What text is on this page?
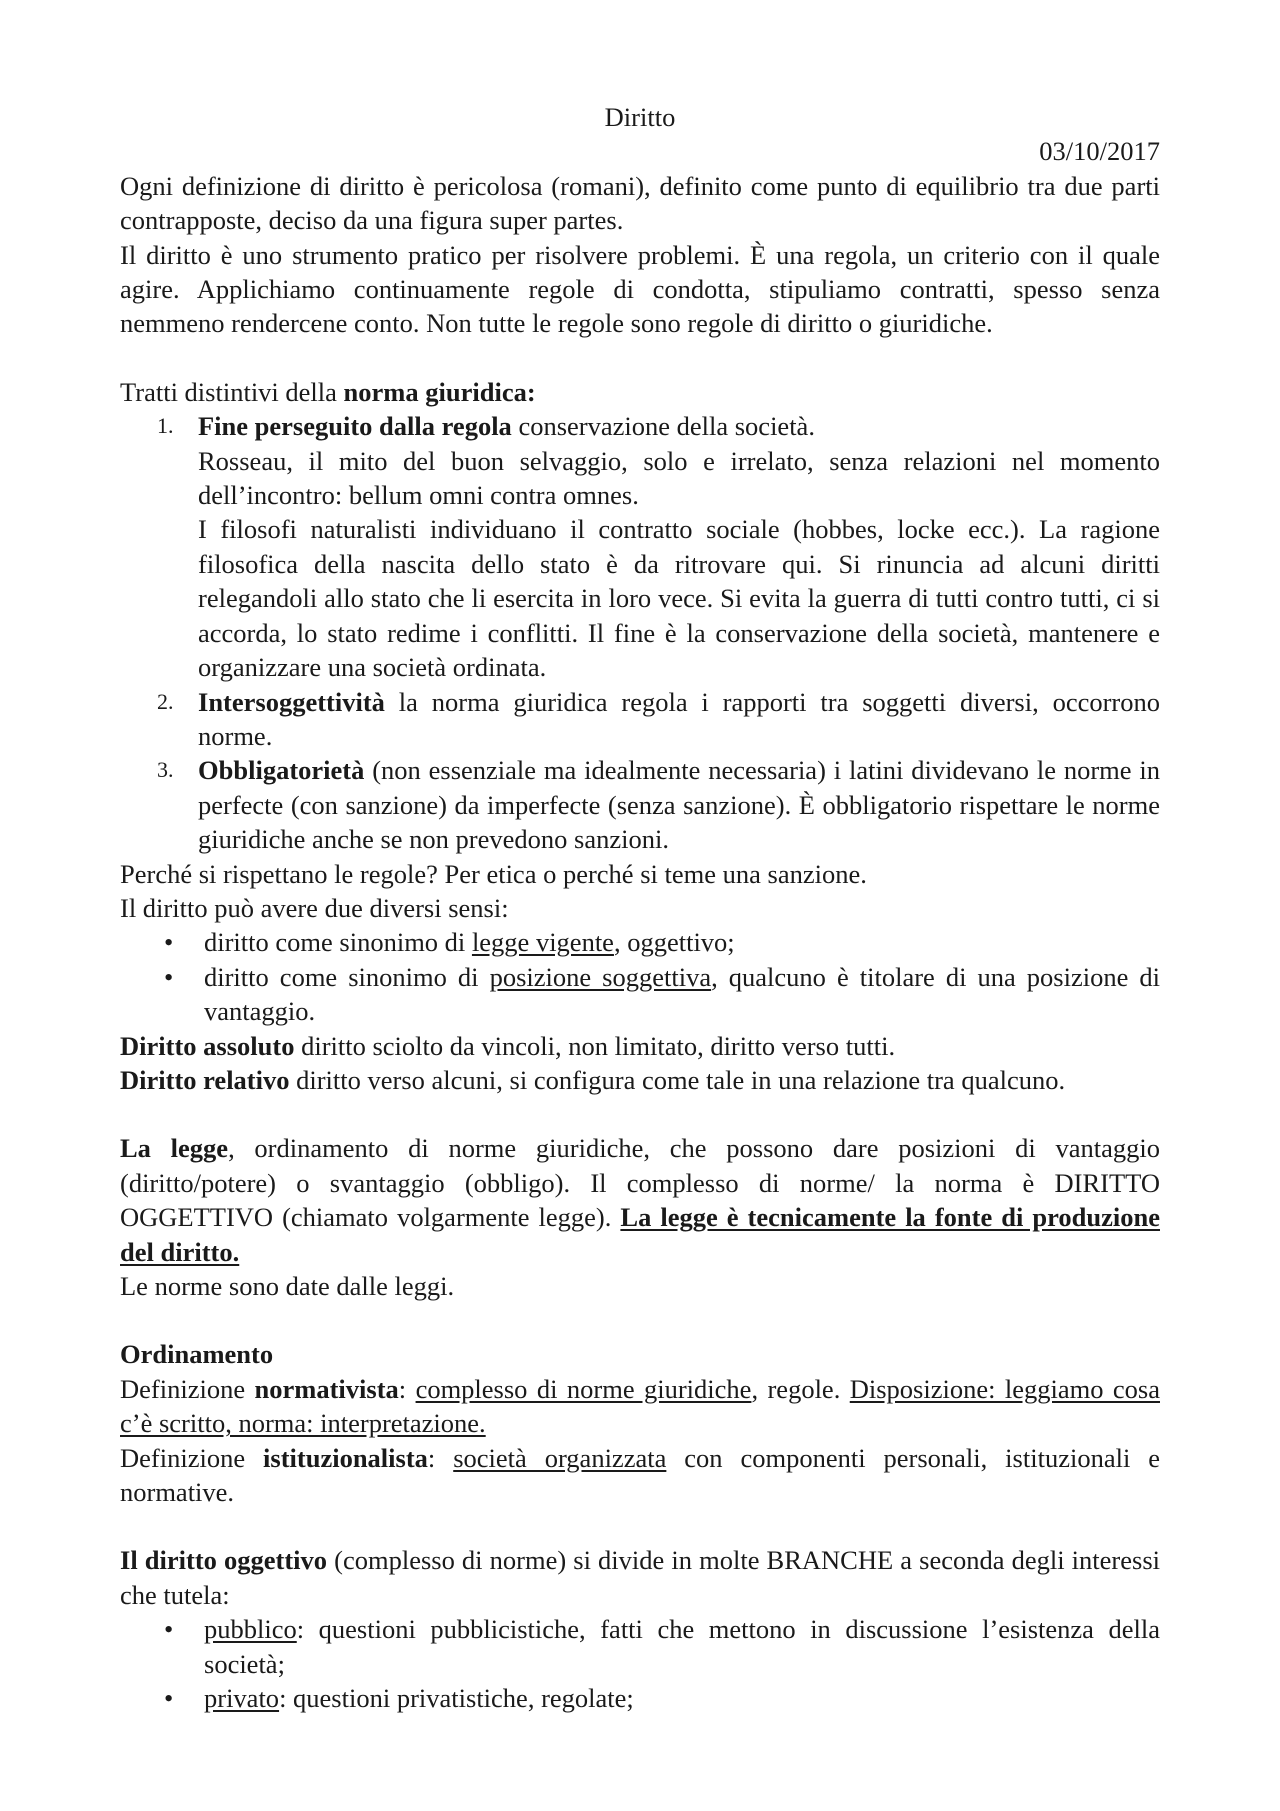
Diritto

03/10/2017

Ogni definizione di diritto è pericolosa (romani), definito come punto di equilibrio tra due parti contrapposte, deciso da una figura super partes.

Il diritto è uno strumento pratico per risolvere problemi. È una regola, un criterio con il quale agire. Applichiamo continuamente regole di condotta, stipuliamo contratti, spesso senza nemmeno rendercene conto. Non tutte le regole sono regole di diritto o giuridiche.

Tratti distintivi della norma giuridica:

1. Fine perseguito dalla regola conservazione della società.
Rosseau, il mito del buon selvaggio, solo e irrelato, senza relazioni nel momento dell’incontro: bellum omni contra omnes.
I filosofi naturalisti individuano il contratto sociale (hobbes, locke ecc.). La ragione filosofica della nascita dello stato è da ritrovare qui. Si rinuncia ad alcuni diritti relegandoli allo stato che li esercita in loro vece. Si evita la guerra di tutti contro tutti, ci si accorda, lo stato redime i conflitti. Il fine è la conservazione della società, mantenere e organizzare una società ordinata.
2. Intersoggettività la norma giuridica regola i rapporti tra soggetti diversi, occorrono norme.
3. Obbligatorietà (non essenziale ma idealmente necessaria) i latini dividevano le norme in perfecte (con sanzione) da imperfecte (senza sanzione). È obbligatorio rispettare le norme giuridiche anche se non prevedono sanzioni.

Perché si rispettano le regole? Per etica o perché si teme una sanzione.

Il diritto può avere due diversi sensi:

• diritto come sinonimo di legge vigente, oggettivo;
• diritto come sinonimo di posizione soggettiva, qualcuno è titolare di una posizione di vantaggio.

Diritto assoluto diritto sciolto da vincoli, non limitato, diritto verso tutti.

Diritto relativo diritto verso alcuni, si configura come tale in una relazione tra qualcuno.

La legge, ordinamento di norme giuridiche, che possono dare posizioni di vantaggio (diritto/potere) o svantaggio (obbligo). Il complesso di norme/ la norma è DIRITTO OGGETTIVO (chiamato volgarmente legge). La legge è tecnicamente la fonte di produzione del diritto.

Le norme sono date dalle leggi.

Ordinamento

Definizione normativista: complesso di norme giuridiche, regole. Disposizione: leggiamo cosa c’è scritto, norma: interpretazione.

Definizione istituzionalista: società organizzata con componenti personali, istituzionali e normative.

Il diritto oggettivo (complesso di norme) si divide in molte BRANCHE a seconda degli interessi che tutela:

• pubblico: questioni pubblicistiche, fatti che mettono in discussione l’esistenza della società;
• privato: questioni privatistiche, regolate;
